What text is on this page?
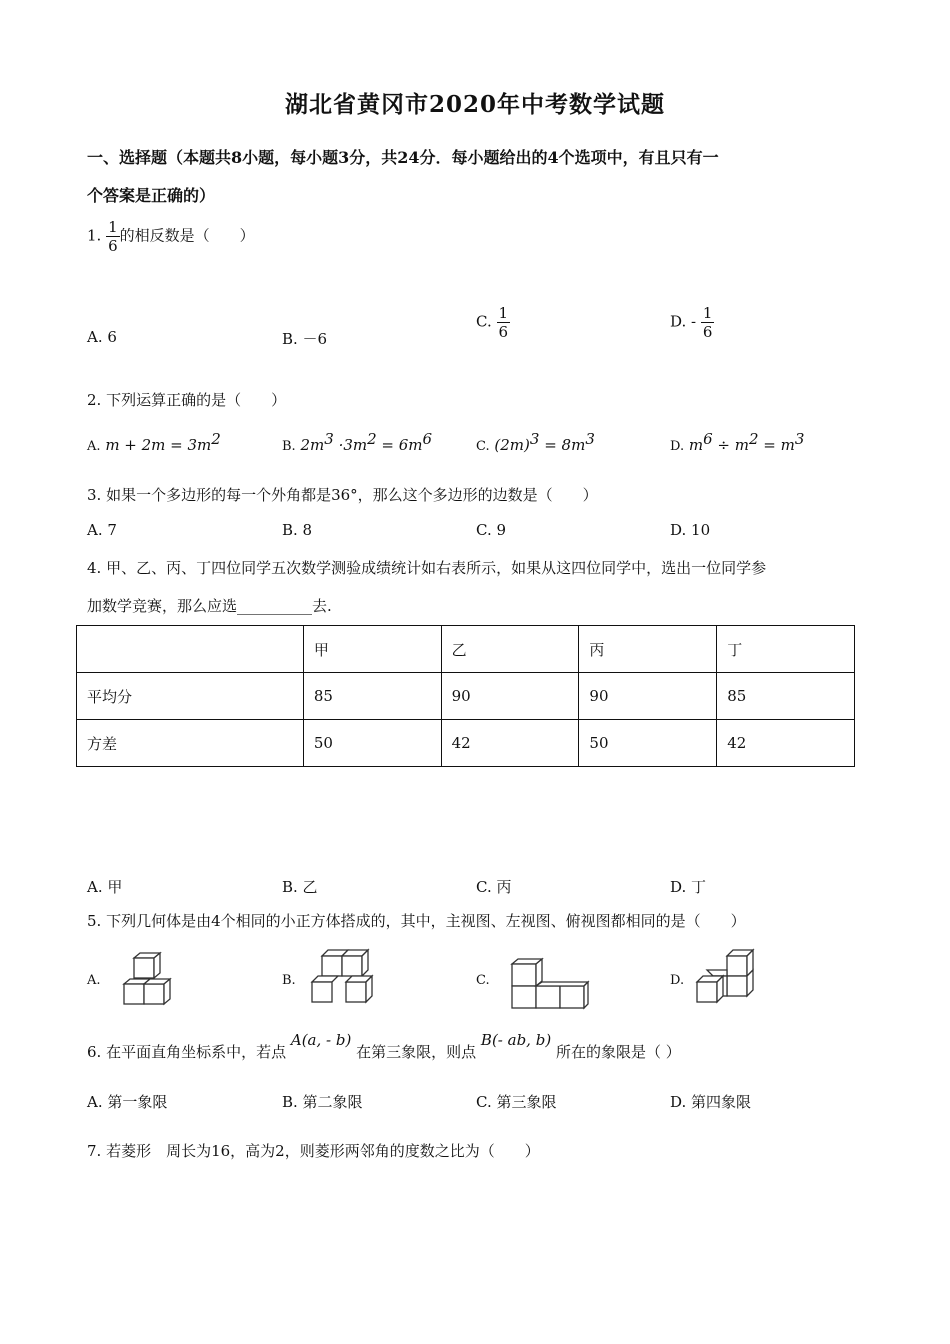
湖北省黄冈市2020年中考数学试题
一、选择题（本题共8小题，每小题3分，共24分．每小题给出的4个选项中，有且只有一
个答案是正确的）
1. $\frac{1}{6}$ 的相反数是（　　）
A. 6	B. －6
C. $\frac{1}{6}$	D. - $\frac{1}{6}$
2. 下列运算正确的是（　　）
A. $m + 2m = 3m^2$	B. $2m^3 \cdot 3m^2 = 6m^6$	C. $(2m)^3 = 8m^3$	D. $m^6 \div m^2 = m^3$
3. 如果一个多边形的每一个外角都是36°，那么这个多边形的边数是（　　）
A. 7	B. 8	C. 9	D. 10
4. 甲、乙、丙、丁四位同学五次数学测验成绩统计如右表所示，如果从这四位同学中，选出一位同学参
加数学竞赛，那么应选__________去.
	甲	乙	丙	丁
平均分	85	90	90	85
方差	50	42	50	42
A. 甲	B. 乙	C. 丙	D. 丁
5. 下列几何体是由4个相同的小正方体搭成的，其中，主视图、左视图、俯视图都相同的是（　　）
A.	B.	C.	D.
6. 在平面直角坐标系中，若点 A(a, - b) 在第三象限，则点 B(- ab, b) 所在的象限是（ ）
A. 第一象限	B. 第二象限	C. 第三象限	D. 第四象限
7. 若菱形　周长为16，高为2，则菱形两邻角的度数之比为（　　）
